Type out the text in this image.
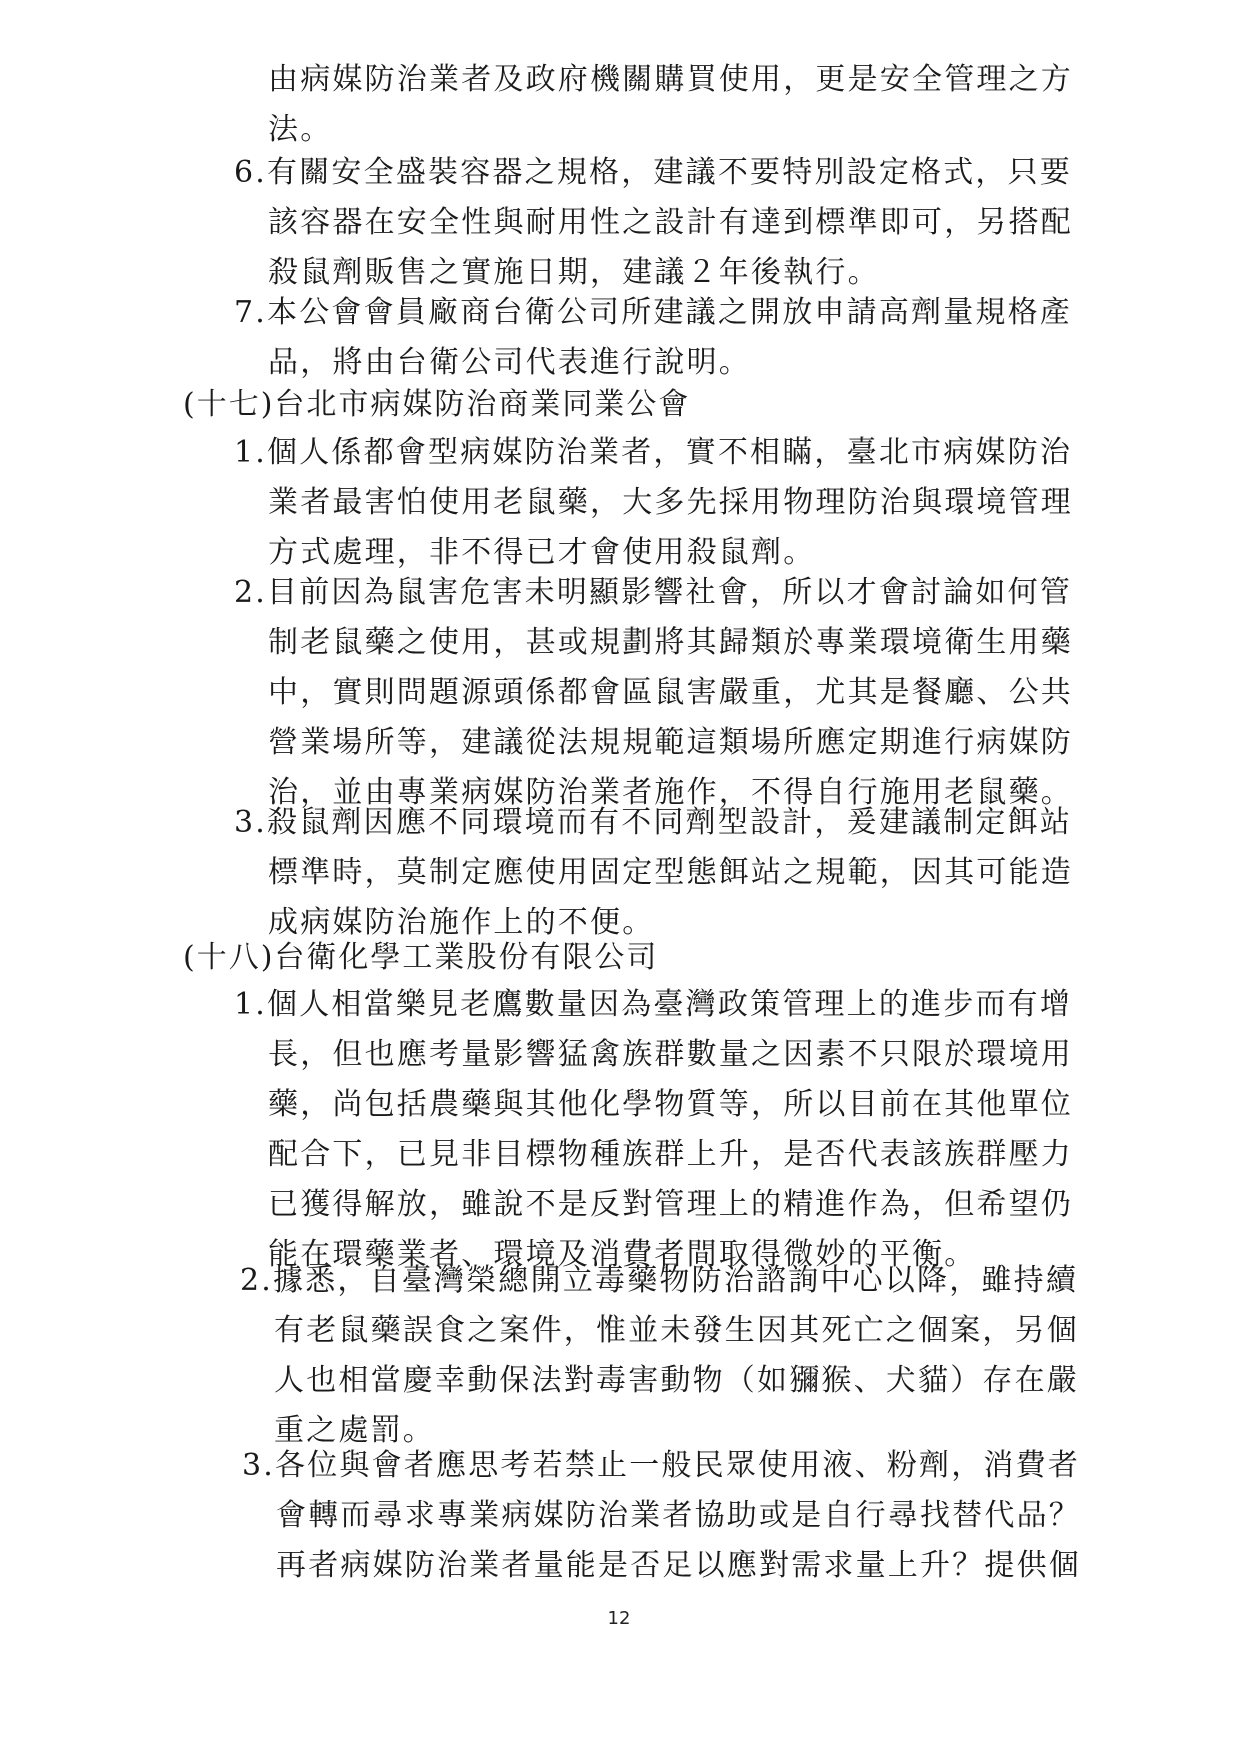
由病媒防治業者及政府機關購買使用，更是安全管理之方
法。
6.有關安全盛裝容器之規格，建議不要特別設定格式，只要
該容器在安全性與耐用性之設計有達到標準即可，另搭配
殺鼠劑販售之實施日期，建議２年後執行。
7.本公會會員廠商台衛公司所建議之開放申請高劑量規格產
品，將由台衛公司代表進行說明。
(十七)台北市病媒防治商業同業公會
1.個人係都會型病媒防治業者，實不相瞞，臺北市病媒防治
業者最害怕使用老鼠藥，大多先採用物理防治與環境管理
方式處理，非不得已才會使用殺鼠劑。
2.目前因為鼠害危害未明顯影響社會，所以才會討論如何管
制老鼠藥之使用，甚或規劃將其歸類於專業環境衛生用藥
中，實則問題源頭係都會區鼠害嚴重，尤其是餐廳、公共
營業場所等，建議從法規規範這類場所應定期進行病媒防
治，並由專業病媒防治業者施作，不得自行施用老鼠藥。
3.殺鼠劑因應不同環境而有不同劑型設計，爰建議制定餌站
標準時，莫制定應使用固定型態餌站之規範，因其可能造
成病媒防治施作上的不便。
(十八)台衛化學工業股份有限公司
1.個人相當樂見老鷹數量因為臺灣政策管理上的進步而有增
長，但也應考量影響猛禽族群數量之因素不只限於環境用
藥，尚包括農藥與其他化學物質等，所以目前在其他單位
配合下，已見非目標物種族群上升，是否代表該族群壓力
已獲得解放，雖說不是反對管理上的精進作為，但希望仍
能在環藥業者、環境及消費者間取得微妙的平衡。
2.據悉，自臺灣榮總開立毒藥物防治諮詢中心以降，雖持續
有老鼠藥誤食之案件，惟並未發生因其死亡之個案，另個
人也相當慶幸動保法對毒害動物（如獼猴、犬貓）存在嚴
重之處罰。
3.各位與會者應思考若禁止一般民眾使用液、粉劑，消費者
會轉而尋求專業病媒防治業者協助或是自行尋找替代品？
再者病媒防治業者量能是否足以應對需求量上升？提供個
12
